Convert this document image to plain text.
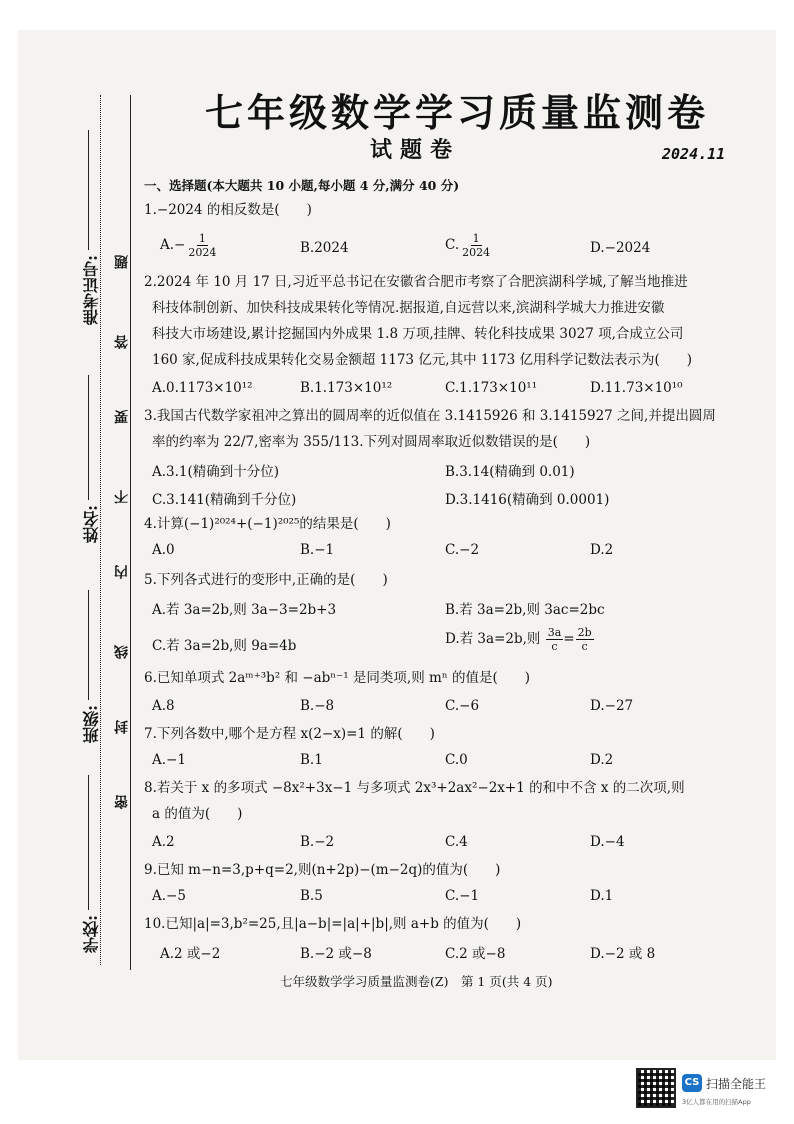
准考证号:
姓名:
班级:
学校:
题
答
要
不
内
线
封
密
七年级数学学习质量监测卷
试题卷	2024.11
一、选择题(本大题共 10 小题,每小题 4 分,满分 40 分)
1.−2024 的相反数是(　　)
$A.- \frac{1}{2024}$	B.2024	C. $\frac{1}{2024}$	D.−2024
2.2024 年 10 月 17 日,习近平总书记在安徽省合肥市考察了合肥滨湖科学城,了解当地推进
科技体制创新、加快科技成果转化等情况.据报道,自远营以来,滨湖科学城大力推进安徽
科技大市场建设,累计挖掘国内外成果 1.8 万项,挂牌、转化科技成果 3027 项,合成立公司
160 家,促成科技成果转化交易金额超 1173 亿元,其中 1173 亿用科学记数法表示为(　　)
A.0.1173×10¹²	B.1.173×10¹²	C.1.173×10¹¹	D.11.73×10¹⁰
3.我国古代数学家祖冲之算出的圆周率的近似值在 3.1415926 和 3.1415927 之间,并提出圆周
率的约率为 22/7,密率为 355/113.下列对圆周率取近似数错误的是(　　)
A.3.1(精确到十分位)	B.3.14(精确到 0.01)
C.3.141(精确到千分位)	D.3.1416(精确到 0.0001)
4.计算(−1)²⁰²⁴+(−1)²⁰²⁵的结果是(　　)
A.0	B.−1	C.−2	D.2
5.下列各式进行的变形中,正确的是(　　)
A.若 3a=2b,则 3a−3=2b+3	B.若 3a=2b,则 3ac=2bc
C.若 3a=2b,则 9a=4b	D.若 3a=2b,则 $\frac{3a}{c} = \frac{2b}{c}$
6.已知单项式 2aᵐ⁺³b² 和 −abⁿ⁻¹ 是同类项,则 mⁿ 的值是(　　)
A.8	B.−8	C.−6	D.−27
7.下列各数中,哪个是方程 x(2−x)=1 的解(　　)
A.−1	B.1	C.0	D.2
8.若关于 x 的多项式 −8x²+3x−1 与多项式 2x³+2ax²−2x+1 的和中不含 x 的二次项,则
a 的值为(　　)
A.2	B.−2	C.4	D.−4
9.已知 m−n=3,p+q=2,则(n+2p)−(m−2q)的值为(　　)
A.−5	B.5	C.−1	D.1
10.已知|a|=3,b²=25,且|a−b|=|a|+|b|,则 a+b 的值为(　　)
A.2 或−2	B.−2 或−8	C.2 或−8	D.−2 或 8
七年级数学学习质量监测卷(Z)　第 1 页(共 4 页)
CS 扫描全能王
3亿人都在用的扫描App
